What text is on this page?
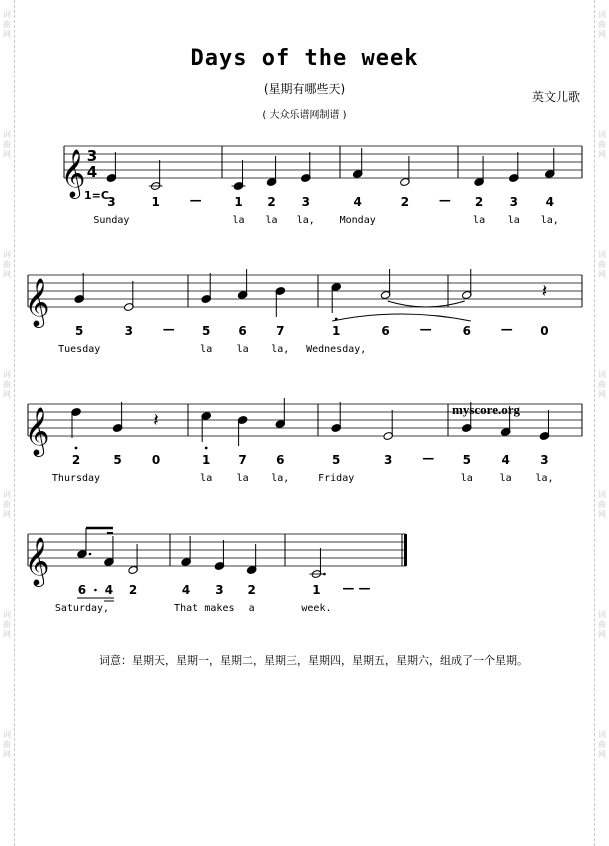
词
曲
网
词
曲
网
词
曲
网
词
曲
网
词
曲
网
词
曲
网
词
曲
网
词
曲
网
词
曲
网
词
曲
网
词
曲
网
词
曲
网
词
曲
网
词
曲
网
Days of the week
(星期有哪些天)
( 大众乐谱网制谱 )
英文儿歌
𝄞 3
4
1=C
3
Sunday
1 —	1
la
2
la
3
la,
4
Monday
2 — 2
la
3
la
4
la,
𝄞
5
Tuesday
3 — 5
la
6
la
7
la,
1
Wednesday,
6 —	6 — 0
𝄽
𝄞	myscore.org
2
Thursday
5	0
𝄽
1
la
7
la
6
la,
5
Friday
3 — 5
la
4
la
3
la,
𝄞
6
Saturday,
4 2	4
That
3
makes
2
a
1 — —
week.
词意：星期天，星期一，星期二，星期三，星期四，星期五，星期六，组成了一个星期。
